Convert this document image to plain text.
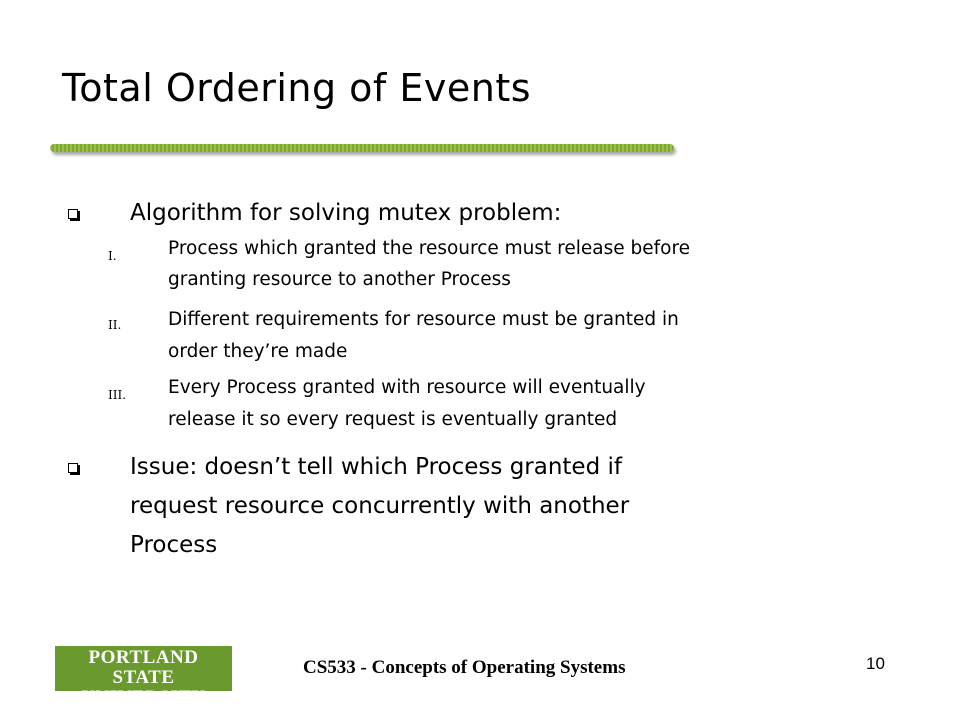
Total Ordering of Events
Algorithm for solving mutex problem:
I.	Process which granted the resource must release before
granting resource to another Process
II.	Different requirements for resource must be granted in
order they’re made
III. Every Process granted with resource will eventually
release it so every request is eventually granted
Issue: doesn’t tell which Process granted if
request resource concurrently with another
Process
PORTLAND STATE
UNIVERSITY
CS533 - Concepts of Operating Systems	10
